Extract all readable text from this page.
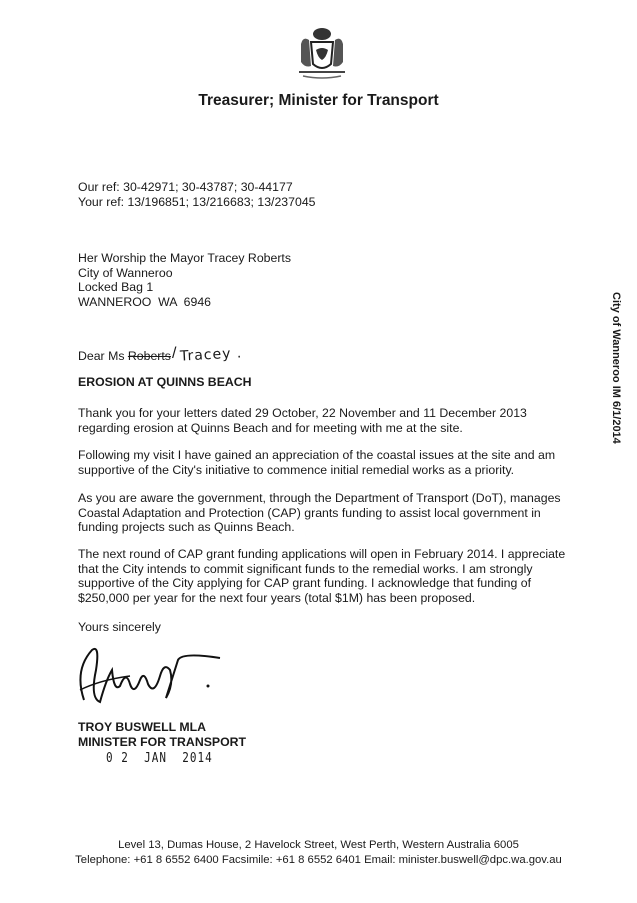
Treasurer; Minister for Transport
Our ref: 30-42971; 30-43787; 30-44177
Your ref: 13/196851; 13/216683; 13/237045
Her Worship the Mayor Tracey Roberts
City of Wanneroo
Locked Bag 1
WANNEROO  WA  6946
Dear Ms
Roberts / Tracey .
EROSION AT QUINNS BEACH
Thank you for your letters dated 29 October, 22 November and 11 December 2013 regarding erosion at Quinns Beach and for meeting with me at the site.
Following my visit I have gained an appreciation of the coastal issues at the site and am supportive of the City's initiative to commence initial remedial works as a priority.
As you are aware the government, through the Department of Transport (DoT), manages Coastal Adaptation and Protection (CAP) grants funding to assist local government in funding projects such as Quinns Beach.
The next round of CAP grant funding applications will open in February 2014. I appreciate that the City intends to commit significant funds to the remedial works. I am strongly supportive of the City applying for CAP grant funding. I acknowledge that funding of $250,000 per year for the next four years (total $1M) has been proposed.
Yours sincerely
TROY BUSWELL MLA
MINISTER FOR TRANSPORT
0 2  JAN  2014
Level 13, Dumas House, 2 Havelock Street, West Perth, Western Australia 6005
Telephone: +61 8 6552 6400 Facsimile: +61 8 6552 6401 Email: minister.buswell@dpc.wa.gov.au
City of Wanneroo IM 6/1/2014
